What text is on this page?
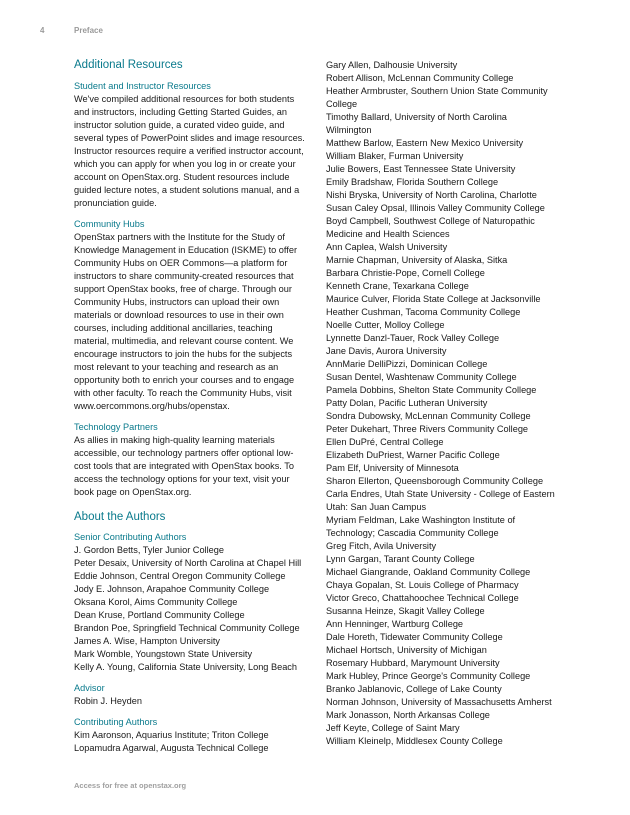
4	Preface
Additional Resources
Student and Instructor Resources

We've compiled additional resources for both students and instructors, including Getting Started Guides, an instructor solution guide, a curated video guide, and several types of PowerPoint slides and image resources. Instructor resources require a verified instructor account, which you can apply for when you log in or create your account on OpenStax.org. Student resources include guided lecture notes, a student solutions manual, and a pronunciation guide.

Community Hubs

OpenStax partners with the Institute for the Study of Knowledge Management in Education (ISKME) to offer Community Hubs on OER Commons—a platform for instructors to share community-created resources that support OpenStax books, free of charge. Through our Community Hubs, instructors can upload their own materials or download resources to use in their own courses, including additional ancillaries, teaching material, multimedia, and relevant course content. We encourage instructors to join the hubs for the subjects most relevant to your teaching and research as an opportunity both to enrich your courses and to engage with other faculty. To reach the Community Hubs, visit www.oercommons.org/hubs/openstax.

Technology Partners

As allies in making high-quality learning materials accessible, our technology partners offer optional low-cost tools that are integrated with OpenStax books. To access the technology options for your text, visit your book page on OpenStax.org.

About the Authors
Senior Contributing Authors
J. Gordon Betts, Tyler Junior College
Peter Desaix, University of North Carolina at Chapel Hill
Eddie Johnson, Central Oregon Community College
Jody E. Johnson, Arapahoe Community College
Oksana Korol, Aims Community College
Dean Kruse, Portland Community College
Brandon Poe, Springfield Technical Community College
James A. Wise, Hampton University
Mark Womble, Youngstown State University
Kelly A. Young, California State University, Long Beach
Advisor
Robin J. Heyden
Contributing Authors
Kim Aaronson, Aquarius Institute; Triton College
Lopamudra Agarwal, Augusta Technical College
Gary Allen, Dalhousie University
Robert Allison, McLennan Community College
Heather Armbruster, Southern Union State Community
College
Timothy Ballard, University of North Carolina
Wilmington
Matthew Barlow, Eastern New Mexico University
William Blaker, Furman University
Julie Bowers, East Tennessee State University
Emily Bradshaw, Florida Southern College
Nishi Bryska, University of North Carolina, Charlotte
Susan Caley Opsal, Illinois Valley Community College
Boyd Campbell, Southwest College of Naturopathic
Medicine and Health Sciences
Ann Caplea, Walsh University
Marnie Chapman, University of Alaska, Sitka
Barbara Christie-Pope, Cornell College
Kenneth Crane, Texarkana College
Maurice Culver, Florida State College at Jacksonville
Heather Cushman, Tacoma Community College
Noelle Cutter, Molloy College
Lynnette Danzl-Tauer, Rock Valley College
Jane Davis, Aurora University
AnnMarie DelliPizzi, Dominican College
Susan Dentel, Washtenaw Community College
Pamela Dobbins, Shelton State Community College
Patty Dolan, Pacific Lutheran University
Sondra Dubowsky, McLennan Community College
Peter Dukehart, Three Rivers Community College
Ellen DuPré, Central College
Elizabeth DuPriest, Warner Pacific College
Pam Elf, University of Minnesota
Sharon Ellerton, Queensborough Community College
Carla Endres, Utah State University - College of Eastern
Utah: San Juan Campus
Myriam Feldman, Lake Washington Institute of
Technology; Cascadia Community College
Greg Fitch, Avila University
Lynn Gargan, Tarant County College
Michael Giangrande, Oakland Community College
Chaya Gopalan, St. Louis College of Pharmacy
Victor Greco, Chattahoochee Technical College
Susanna Heinze, Skagit Valley College
Ann Henninger, Wartburg College
Dale Horeth, Tidewater Community College
Michael Hortsch, University of Michigan
Rosemary Hubbard, Marymount University
Mark Hubley, Prince George's Community College
Branko Jablanovic, College of Lake County
Norman Johnson, University of Massachusetts Amherst
Mark Jonasson, North Arkansas College
Jeff Keyte, College of Saint Mary
William Kleinelp, Middlesex County College
Access for free at openstax.org
